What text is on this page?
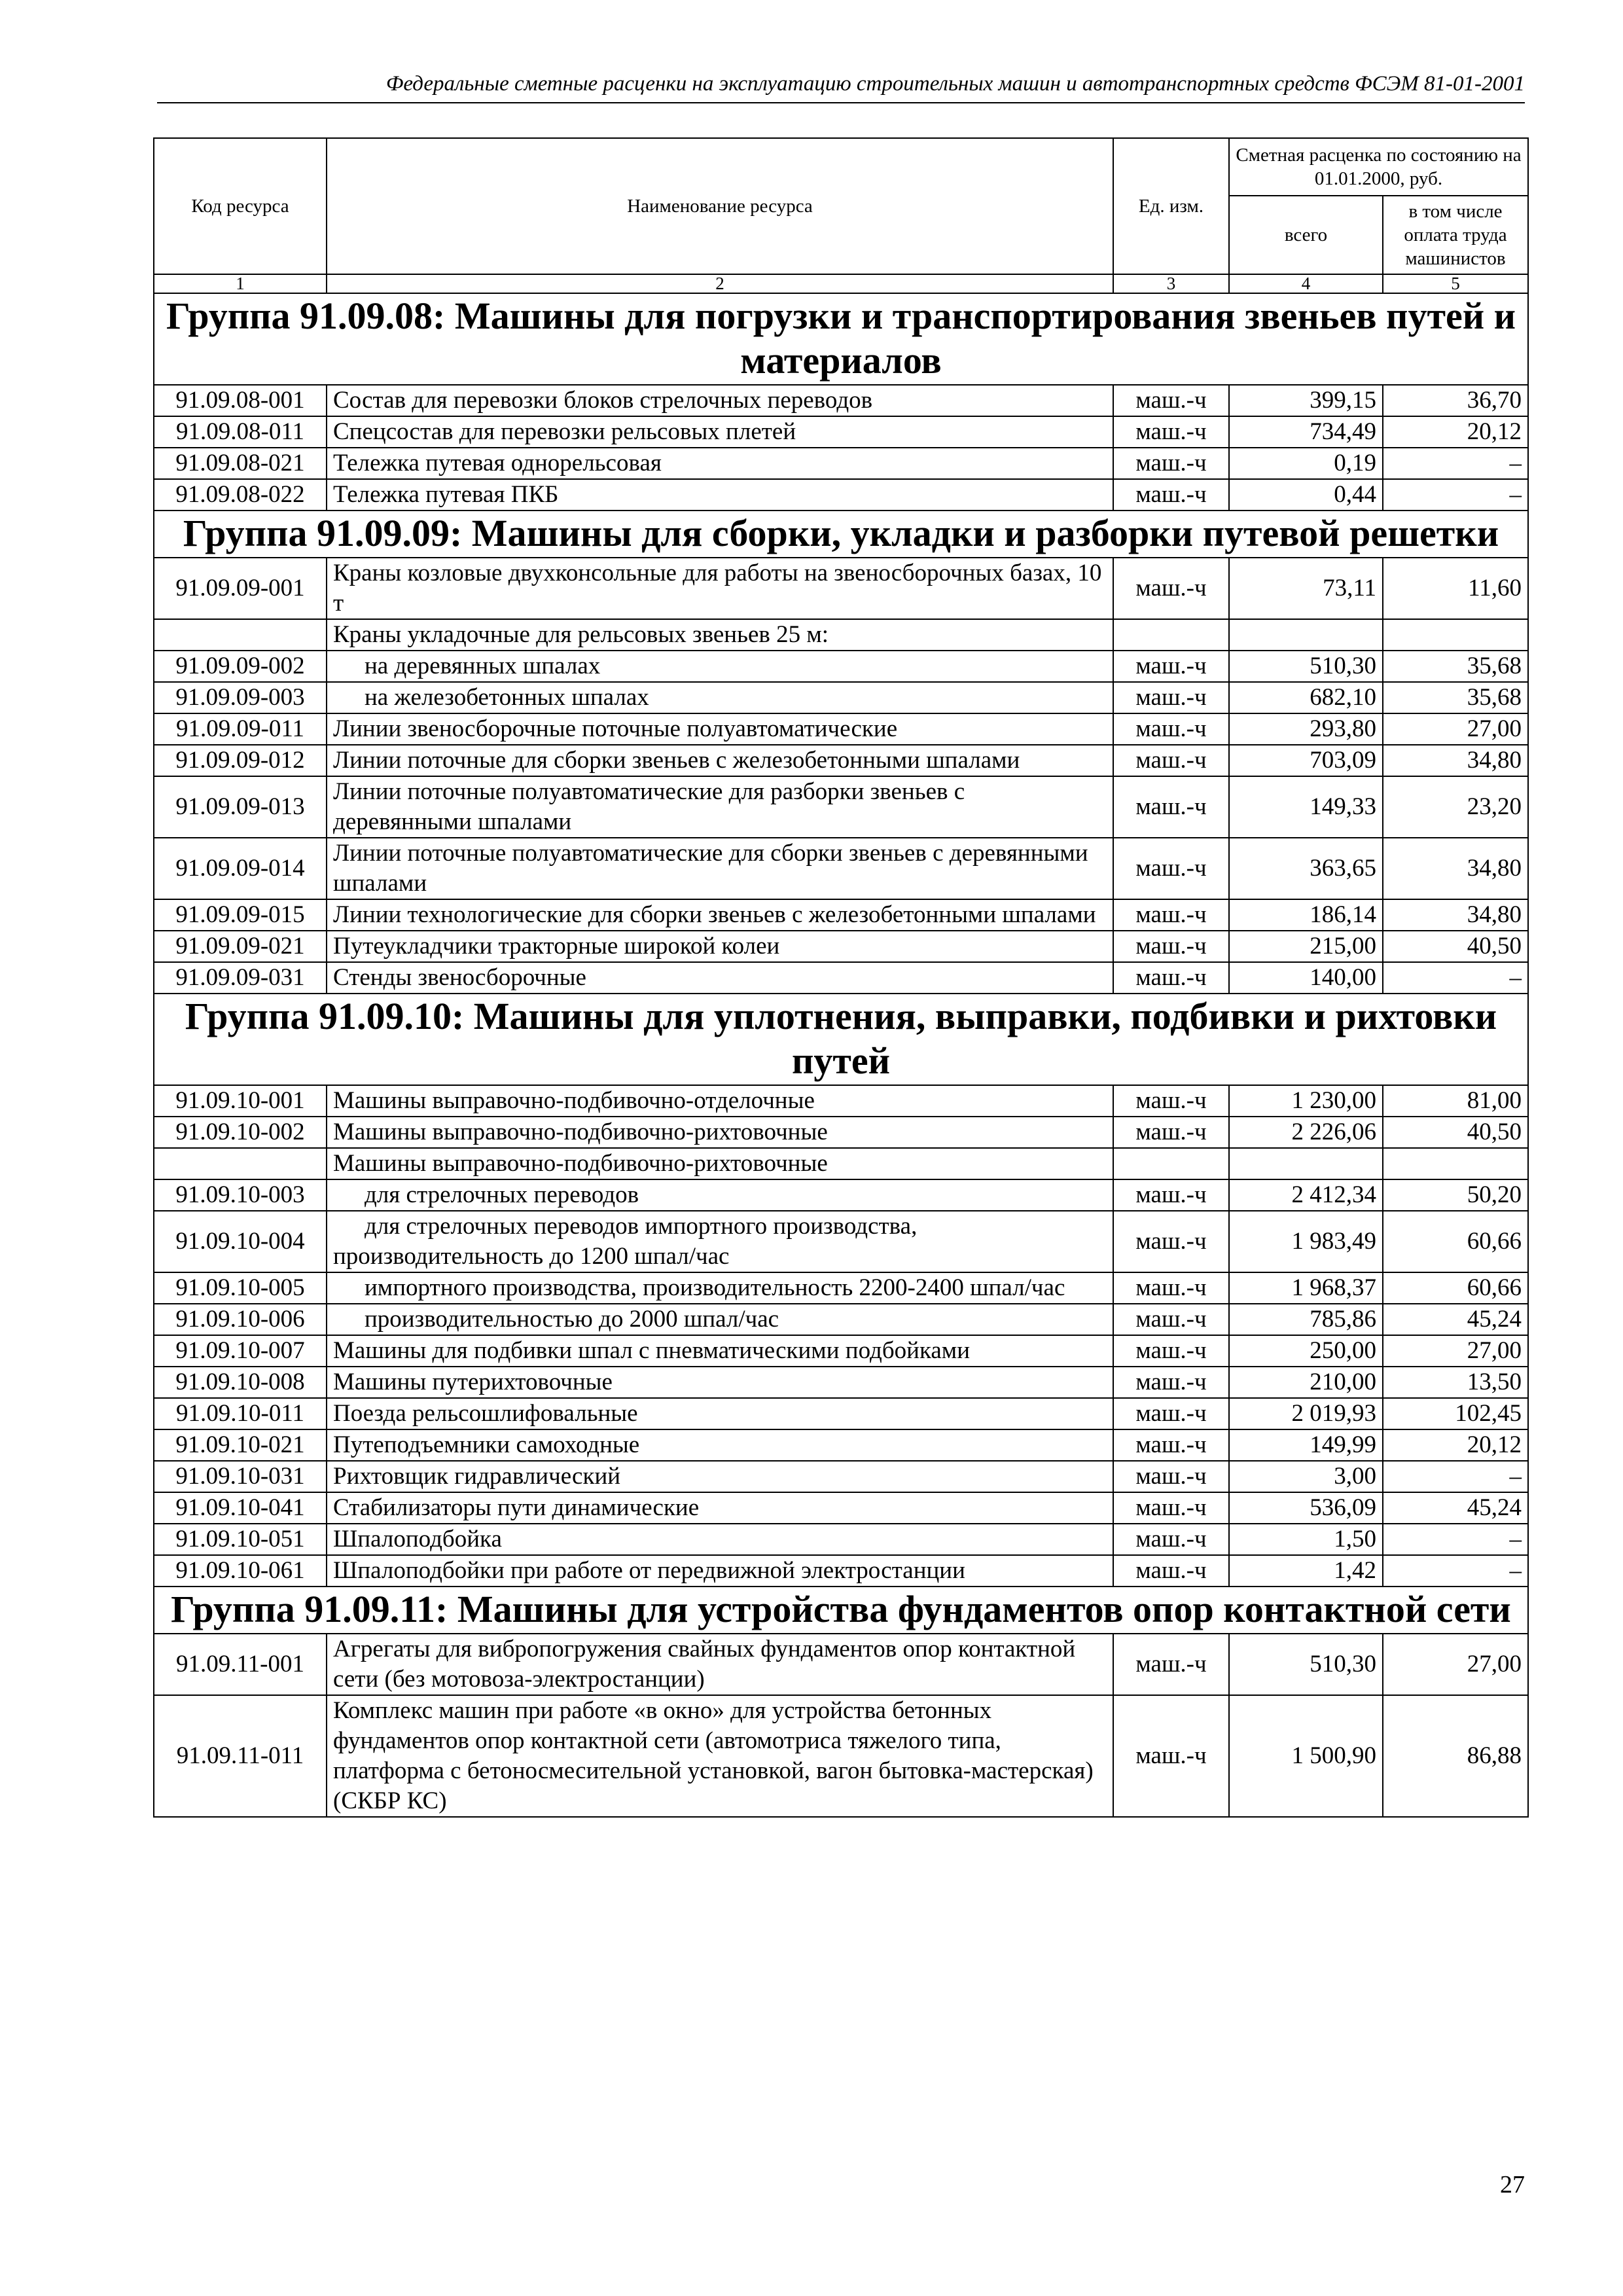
Федеральные сметные расценки на эксплуатацию строительных машин и автотранспортных средств ФСЭМ 81-01-2001
Код ресурса	Наименование ресурса	Ед. изм.	Сметная расценка по состоянию на 01.01.2000, руб.	
			всего	в том числе оплата труда машинистов
1	2	3	4	5
Группа 91.09.08: Машины для погрузки и транспортирования звеньев путей и материалов				
91.09.08-001	Состав для перевозки блоков стрелочных переводов	маш.-ч	399,15	36,70
91.09.08-011	Спецсостав для перевозки рельсовых плетей	маш.-ч	734,49	20,12
91.09.08-021	Тележка путевая однорельсовая	маш.-ч	0,19	–
91.09.08-022	Тележка путевая ПКБ	маш.-ч	0,44	–
Группа 91.09.09: Машины для сборки, укладки и разборки путевой решетки				
91.09.09-001	Краны козловые двухконсольные для работы на звеносборочных базах, 10 т	маш.-ч	73,11	11,60
	Краны укладочные для рельсовых звеньев 25 м:			
91.09.09-002	на деревянных шпалах	маш.-ч	510,30	35,68
91.09.09-003	на железобетонных шпалах	маш.-ч	682,10	35,68
91.09.09-011	Линии звеносборочные поточные полуавтоматические	маш.-ч	293,80	27,00
91.09.09-012	Линии поточные для сборки звеньев с железобетонными шпалами	маш.-ч	703,09	34,80
91.09.09-013	Линии поточные полуавтоматические для разборки звеньев с деревянными шпалами	маш.-ч	149,33	23,20
91.09.09-014	Линии поточные полуавтоматические для сборки звеньев с деревянными шпалами	маш.-ч	363,65	34,80
91.09.09-015	Линии технологические для сборки звеньев с железобетонными шпалами	маш.-ч	186,14	34,80
91.09.09-021	Путеукладчики тракторные широкой колеи	маш.-ч	215,00	40,50
91.09.09-031	Стенды звеносборочные	маш.-ч	140,00	–
Группа 91.09.10: Машины для уплотнения, выправки, подбивки и рихтовки путей				
91.09.10-001	Машины выправочно-подбивочно-отделочные	маш.-ч	1 230,00	81,00
91.09.10-002	Машины выправочно-подбивочно-рихтовочные	маш.-ч	2 226,06	40,50
	Машины выправочно-подбивочно-рихтовочные			
91.09.10-003	для стрелочных переводов	маш.-ч	2 412,34	50,20
91.09.10-004	для стрелочных переводов импортного производства, производительность до 1200 шпал/час	маш.-ч	1 983,49	60,66
91.09.10-005	импортного производства, производительность 2200-2400 шпал/час	маш.-ч	1 968,37	60,66
91.09.10-006	производительностью до 2000 шпал/час	маш.-ч	785,86	45,24
91.09.10-007	Машины для подбивки шпал с пневматическими подбойками	маш.-ч	250,00	27,00
91.09.10-008	Машины путерихтовочные	маш.-ч	210,00	13,50
91.09.10-011	Поезда рельсошлифовальные	маш.-ч	2 019,93	102,45
91.09.10-021	Путеподъемники самоходные	маш.-ч	149,99	20,12
91.09.10-031	Рихтовщик гидравлический	маш.-ч	3,00	–
91.09.10-041	Стабилизаторы пути динамические	маш.-ч	536,09	45,24
91.09.10-051	Шпалоподбойка	маш.-ч	1,50	–
91.09.10-061	Шпалоподбойки при работе от передвижной электростанции	маш.-ч	1,42	–
Группа 91.09.11: Машины для устройства фундаментов опор контактной сети				
91.09.11-001	Агрегаты для вибропогружения свайных фундаментов опор контактной сети (без мотовоза-электростанции)	маш.-ч	510,30	27,00
91.09.11-011	Комплекс машин при работе «в окно» для устройства бетонных фундаментов опор контактной сети (автомотриса тяжелого типа, платформа с бетоносмесительной установкой, вагон бытовка-мастерская) (СКБР КС)	маш.-ч	1 500,90	86,88
27
